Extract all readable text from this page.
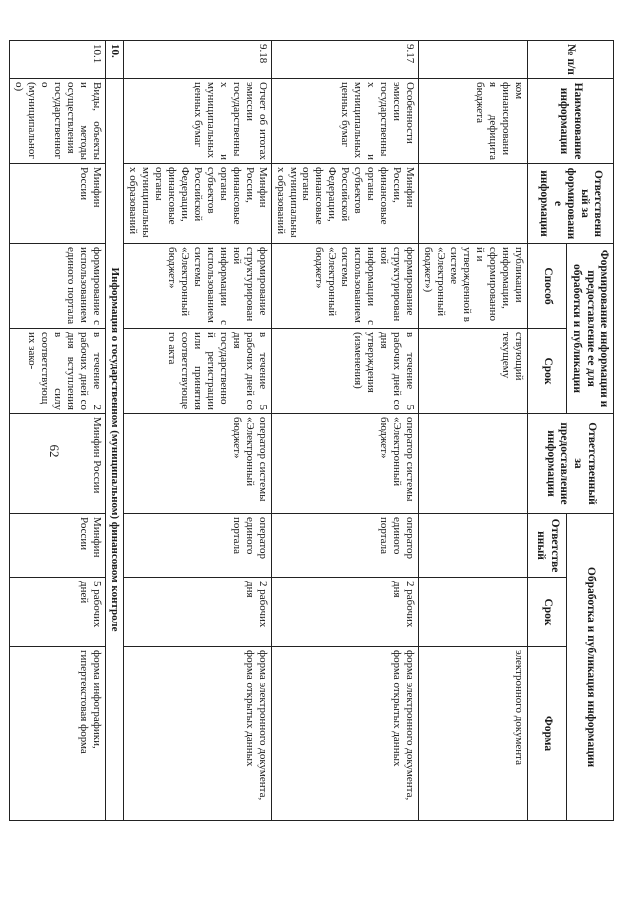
62
№ п/п	Наименование информации	Ответственный за формирование информации	Формирование информации и предоставление ее для обработки и публикации		Ответственный за предоставление информации	Обработка и публикация информации		
			Способ	Срок		Ответственный	Срок	Форма
	ком финансирования дефицита бюджета		публикации информации, сформированной и утвержденной в системе «Электронный бюджет»)	ствующий текущему				электронного документа
9.17	Особенности эмиссии государственных и муниципальных ценных бумаг	Минфин России, финансовые органы субъектов Российской Федерации, финансовые органы муниципальных образований	формирование структурированной информации с использованием системы «Электронный бюджет»	в течение 5 рабочих дней со дня утверждения (изменения)	оператор системы «Электронный бюджет»	оператор единого портала	2 рабочих дня	форма электронного документа, форма открытых данных
9.18	Отчет об итогах эмиссии государственных и муниципальных ценных бумаг	Минфин России, финансовые органы субъектов Российской Федерации, финансовые органы муниципальных образований	формирование структурированной информации с использованием системы «Электронный бюджет»	в течение 5 рабочих дней со дня государственной регистрации или принятия соответствующего акта	оператор системы «Электронный бюджет»	оператор единого портала	2 рабочих дня	форма электронного документа, форма открытых данных
10.	Информация о государственном (муниципальном) финансовом контроле							
10.1	Виды, объекты и методы осуществления государственного (муниципального)	Минфин России	формирование с использованием единого портала	в течение 2 рабочих дней со дня вступления в силу соответствующих зако-	Минфин России	Минфин России	5 рабочих дней	форма инфографики, гипертекстовая форма
